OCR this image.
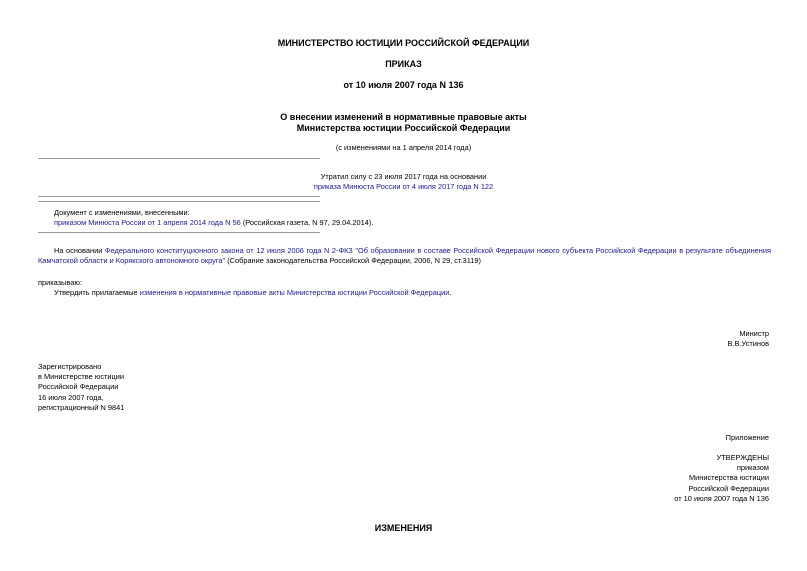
МИНИСТЕРСТВО ЮСТИЦИИ РОССИЙСКОЙ ФЕДЕРАЦИИ
ПРИКАЗ
от 10 июля 2007 года N 136
О внесении изменений в нормативные правовые акты
Министерства юстиции Российской Федерации
(с изменениями на 1 апреля 2014 года)
Утратил силу с 23 июля 2017 года на основании
приказа Минюста России от 4 июля 2017 года N 122
Документ с изменениями, внесенными:
приказом Минюста России от 1 апреля 2014 года N 56 (Российская газета, N 97, 29.04.2014).
На основании Федерального конституционного закона от 12 июля 2006 года N 2-ФКЗ "Об образовании в составе Российской Федерации нового субъекта Российской Федерации в результате объединения Камчатской области и Корякского автономного округа" (Собрание законодательства Российской Федерации, 2006, N 29, ст.3119)
приказываю:
Утвердить прилагаемые изменения в нормативные правовые акты Министерства юстиции Российской Федерации.
Министр
В.В.Устинов
Зарегистрировано
в Министерстве юстиции
Российской Федерации
16 июля 2007 года,
регистрационный N 9841
Приложение
УТВЕРЖДЕНЫ
приказом
Министерства юстиции
Российской Федерации
от 10 июля 2007 года N 136
ИЗМЕНЕНИЯ
